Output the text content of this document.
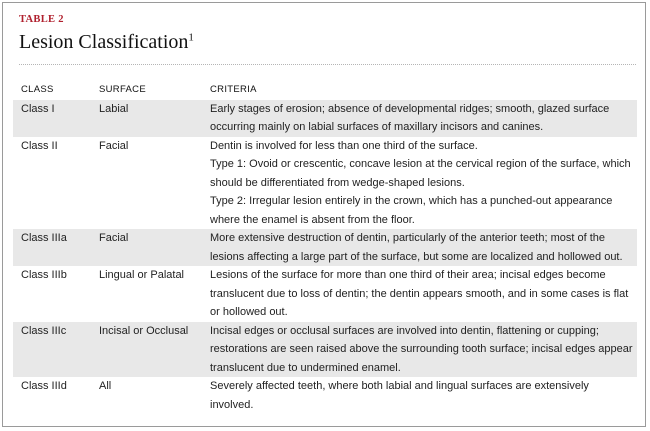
TABLE 2
Lesion Classification$^1$
CLASS	SURFACE	CRITERIA
Class I	Labial	Early stages of erosion; absence of developmental ridges; smooth, glazed surface occurring mainly on labial surfaces of maxillary incisors and canines.

Class II	Facial	Dentin is involved for less than one third of the surface.
Type 1: Ovoid or crescentic, concave lesion at the cervical region of the surface, which should be differentiated from wedge-shaped lesions.
Type 2: Irregular lesion entirely in the crown, which has a punched-out appearance where the enamel is absent from the floor.

Class IIIa	Facial	More extensive destruction of dentin, particularly of the anterior teeth; most of the lesions affecting a large part of the surface, but some are localized and hollowed out.

Class IIIb	Lingual or Palatal	Lesions of the surface for more than one third of their area; incisal edges become translucent due to loss of dentin; the dentin appears smooth, and in some cases is flat or hollowed out.

Class IIIc	Incisal or Occlusal	Incisal edges or occlusal surfaces are involved into dentin, flattening or cupping; restorations are seen raised above the surrounding tooth surface; incisal edges appear translucent due to undermined enamel.

Class IIId	All	Severely affected teeth, where both labial and lingual surfaces are extensively involved.
